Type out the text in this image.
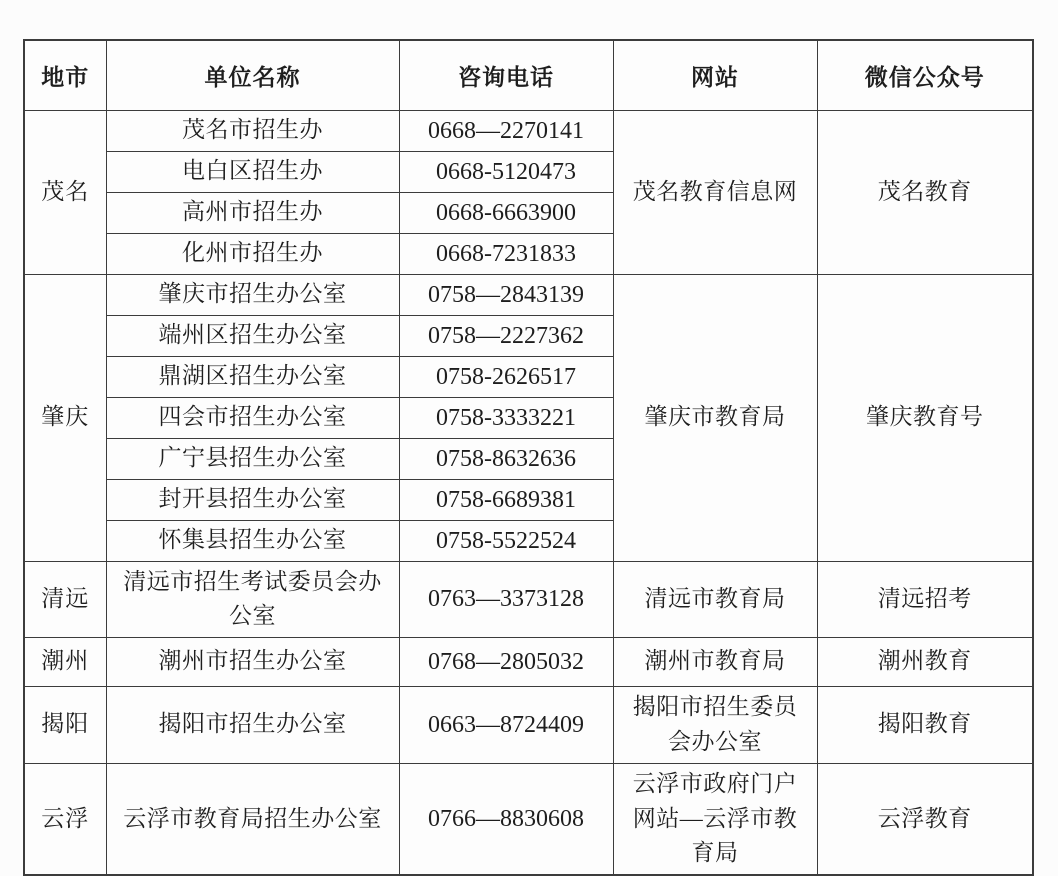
地市	单位名称	咨询电话	网站	微信公众号
茂名	茂名市招生办	0668—2270141	茂名教育信息网	茂名教育
	电白区招生办	0668-5120473		
	高州市招生办	0668-6663900		
	化州市招生办	0668-7231833		
肇庆	肇庆市招生办公室	0758—2843139	肇庆市教育局	肇庆教育号
	端州区招生办公室	0758—2227362		
	鼎湖区招生办公室	0758-2626517		
	四会市招生办公室	0758-3333221		
	广宁县招生办公室	0758-8632636		
	封开县招生办公室	0758-6689381		
	怀集县招生办公室	0758-5522524		
清远	清远市招生考试委员会办公室	0763—3373128	清远市教育局	清远招考
潮州	潮州市招生办公室	0768—2805032	潮州市教育局	潮州教育
揭阳	揭阳市招生办公室	0663—8724409	揭阳市招生委员会办公室	揭阳教育
云浮	云浮市教育局招生办公室	0766—8830608	云浮市政府门户网站—云浮市教育局	云浮教育
